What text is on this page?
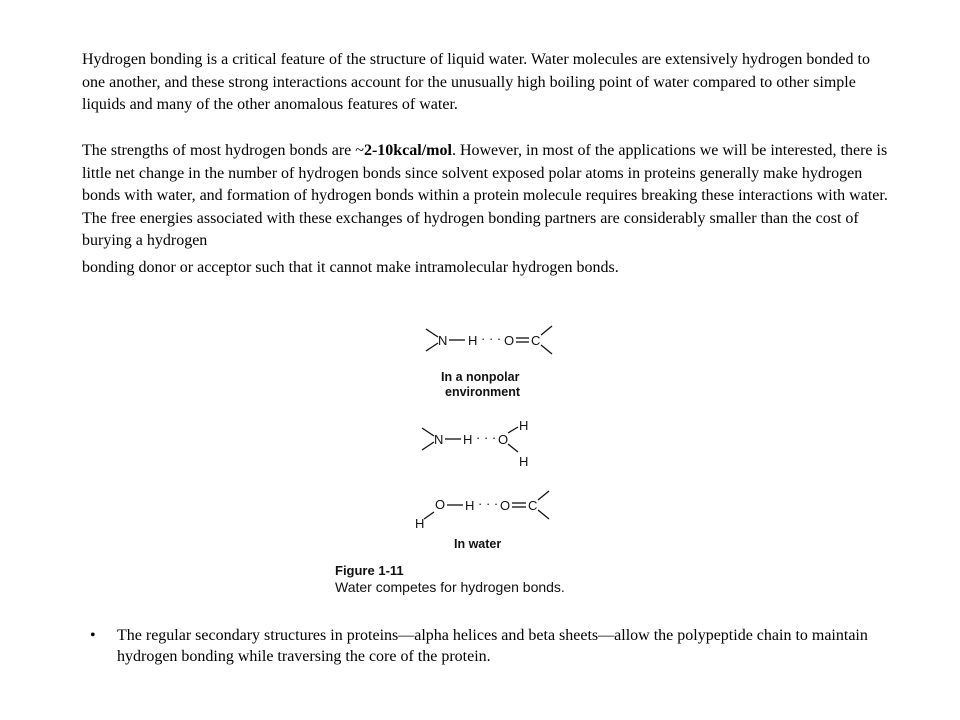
Hydrogen bonding is a critical feature of the structure of liquid water. Water molecules are extensively hydrogen bonded to one another, and these strong interactions account for the unusually high boiling point of water compared to other simple liquids and many of the other anomalous features of water.

The strengths of most hydrogen bonds are ~2-10kcal/mol. However, in most of the applications we will be interested, there is little net change in the number of hydrogen bonds since solvent exposed polar atoms in proteins generally make hydrogen bonds with water, and formation of hydrogen bonds within a protein molecule requires breaking these interactions with water. The free energies associated with these exchanges of hydrogen bonding partners are considerably smaller than the cost of burying a hydrogen
bonding donor or acceptor such that it cannot make intramolecular hydrogen bonds.

N H · · · O C
In a nonpolar
environment
N H · · · O
H
H
O
H
H · · · O C
In water
Figure 1-11
Water competes for hydrogen bonds.
• The regular secondary structures in proteins—alpha helices and beta sheets—allow the polypeptide chain to maintain hydrogen bonding while traversing the core of the protein.
